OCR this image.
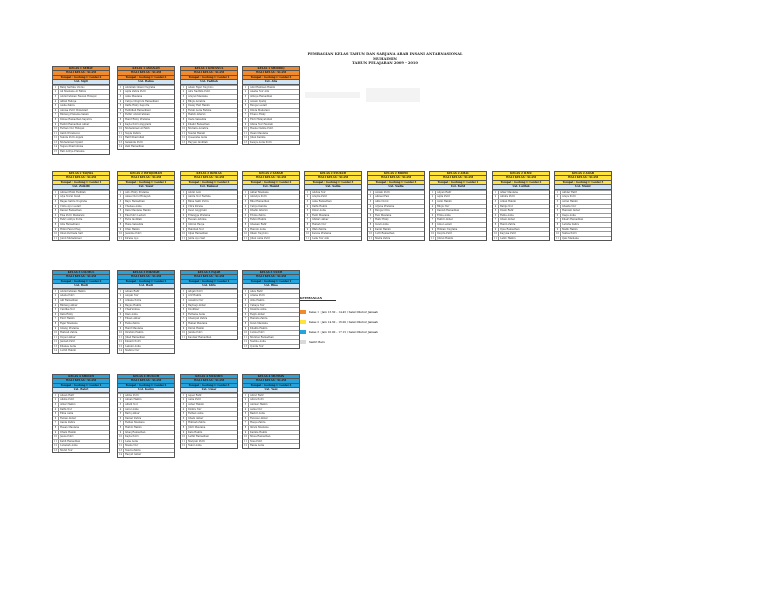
PEMBAGIAN KELAS TAHUN DAN SARJANA ARAB INSANI ANTARNASIONAL MUHAIMIN
TAHUN PELAJARAN 2009 - 2010
KELAS 1 SEHAT
WALI KELAS : SLAM
Tempat : Gedung C Lantai 2
Ust. Sigit
1	Baliq Sartika Utomo
2	Ali Maulana Al Fathis
3	Abdurrahman Fauzan Hidayat
4	Afifah Fahsya
5	Aisha Zahra
6	Annisa Putri Wulandari
7	Bintang Pratama Salam
8	Dimas Ramadhan Saputra
9	Fadhli Ramadhan Akbar
10	Farhan Nur Hidayat
11	Galih Wicaksono
12	Nabila Putri Anjani
13	Muhammad Syakir
14	Najwa Khairunnisa
15	Rafi Aditya Pratama
KELAS 1 AMANAH
WALI KELAS : SLAM
Tempat : Gedung C Lantai 2
Ust. Ratna
1	Abdullah Ghani Nugraha
2	Aqila Zahra Putri
3	Azka Maulana
4	Cahya Ningrum Ramadhani
5	Daffa Rizky Saputra
6	Fadhillah Ramadhani
7	Fathir Abdurrahman
8	Hanif Rizky Pratama
9	Kayla Putri Anggraini
10	Muhammad Al Fatih
11	Nayla Zahira
12	Rafif Khairullah
13	Salsabila Putri
14	Zaki Ramadhan
KELAS 1 KHUSNUL
WALI KELAS : SLAM
Tempat : Gedung C Lantai 1
Ust. Fadilah
1	Adam Fajar Nugroho
2	Aira Nadhifa Putri
3	Arsyad Maulana
4	Bilqis Azzahra
5	Dzaky Rafi Hakim
6	Farah Aulia Rahma
7	Hafizh Alfarizi
8	Inara Salsabila
9	Khalid Ramadhan
10	Mutiara Azzahra
11	Naufal Hanafi
12	Queensha Aulia
13	Rayyan Abdillah
KELAS 1 SHIDDIQ
WALI KELAS : SLAM
Tempat : Gedung C Lantai 3
Ust. Alia
1	Abid Rahman Hakim
2	Alesha Nur Aini
3	Athaya Ramadhan
4	Azzam Syafiq
5	Bunga Lestari
6	Dinda Maharani
7	Elvano Rizky
8	Fikri Hidayatullah
9	Ghina Nur Fauziah
10	Hasna Nabila Putri
11	Ihsan Maulana
12	Jihan Kamila
13	Keisya Aulia Putri
KELAS 2 TAQWA
WALI KELAS : SLAM
Tempat : Gedung C Lantai 1
Ust. Zulkifli
1	Ahmad Rizki Fadillah
2	Alya Nurul Izzah
3	Bagas Satria Nugraha
4	Cinta Ayu Lestari
5	Daniel Ramadhan
6	Elsa Putri Maharani
7	Fahri Aditya Putra
8	Gita Ramadhani
9	Hilmi Faizul Haq
10	Intan Permata Sari
11	Jundi Muhammad
KELAS 2 ISTIQOMAH
WALI KELAS : SLAM
Tempat : Gedung C Lantai 1
Ust. Yusuf
1	Aldo Rizky Pratama
2	Anisa Nurul Hidayah
3	Bayu Ramadhan
4	Chelsea Aulia
5	Dafa Maulana Hakim
6	Eka Putri Lestari
7	Faris Abdillah
8	Hana Salsabila
9	Irfan Hakim
10	Jasmine Putri
11	Kirana Ayu
KELAS 2 IKHLAS
WALI KELAS : SLAM
Tempat : Gedung C Lantai 2
Ust. Rahmat
1	Abdul Aziz
2	Amira Nur Fadhila
3	Bima Sakti Putra
4	Citra Kirana
5	Dewi Anggraini
6	Erlangga Pratama
7	Fauzan Azhima
8	Gibran Rasya
9	Habibah Nur
10	Iqbal Ramadhan
11	Jelita Ayu Sari
KELAS 2 SABAR
WALI KELAS : SLAM
Tempat : Gedung C Lantai 2
Ust. Hamid
1	Akbar Maulana
2	Anindya Putri
3	Bilal Ramadhan
4	Cahya Kamila
5	Dhafin Alfarizi
6	Elvina Zahra
7	Fahmi Hakim
8	Ghaisan Rafif
9	Hanum Aulia
10	Ilham Nugroho
11	Jihan Aulia Putri
KELAS 2 SYUKUR
WALI KELAS : SLAM
Tempat : Gedung C Lantai 3
Ust. Salim
1	Adzkia Nur
2	Arsyila Putri
3	Azka Ramadhan
4	Daffa Hakim
5	Dinar Aulia
6	Fadil Maulana
7	Ghifari Akbar
8	Hafsah Nur
9	Iffah Zahira
10	Kenzie Pratama
11	Laila Nur Aini
KELAS 2 RIDHO
WALI KELAS : SLAM
Tempat : Gedung C Lantai 3
Ust. Nadia
1	Azizah Putri
2	Ahmad Faiz
3	Alifa Nurul
4	Arjuna Pratama
5	Bunga Citra
6	Faiz Maulana
7	Hafiz Rizky
8	Izzati Aulia
9	Kamil Hakim
10	Lutfi Ramadhan
11	Maira Zahra
KELAS 2 AMAL
WALI KELAS : SLAM
Tempat : Gedung C Lantai 1
Ust. Farid
1	Abyan Rafif
2	Aqila Putri
3	Azmi Hakim
4	Bilqis Nur
5	Danish Ramadhan
6	Erina Aulia
7	Fakhri Akbar
8	Gina Lestari
9	Hilman Nugraha
10	Insyira Putri
11	Jibran Hakim
KELAS 2 ILMU
WALI KELAS : SLAM
Tempat : Gedung C Lantai 2
Ust. Latifah
1	Afkar Maulana
2	Almira Putri
3	Arkan Hakim
4	Balqis Nur
5	Dzaki Rafif
6	Faiha Aulia
7	Ghazi Akbar
8	Hanin Zahra
9	Ilyas Ramadhan
10	Kayyisa Putri
11	Labib Hakim
KELAS 2 ADAB
WALI KELAS : SLAM
Tempat : Gedung C Lantai 3
Ust. Munir
1	Akhtar Rafif
2	Arsya Putri
3	Azriel Hakim
4	Ghaida Nur
5	Hamzah Akbar
6	Inaya Aulia
7	Khairi Ramadhan
8	Latisha Zahra
9	Malik Hakim
10	Nafisa Putri
11	Qais Maulana
KELAS 3 ULUMUL
WALI KELAS : SLAM
Tempat : Gedung C Lantai 2
Ust. Rudi
1	Abdurrahman Hakim
2	Adelia Putri
3	Alif Ramadhan
4	Bintang Akbar
5	Cantika Nur
6	Dafa Rizky
7	Emir Hakim
8	Fajar Maulana
9	Gilang Pratama
10	Hafizah Zahra
11	Irsyad Akbar
12	Jannah Putri
13	Khansa Aulia
14	Luthfi Hakim
KELAS 3 HIKMAH
WALI KELAS : SLAM
Tempat : Gedung C Lantai 2
Ust. Hadi
1	Adnan Rafif
2	Aisyah Nur
3	Arkana Putra
4	Bagus Hakim
5	Chairunnisa
6	Dian Aulia
7	Ehsan Akbar
8	Fadia Zahra
9	Hanif Maulana
10	Ibrahim Hakim
11	Jihad Ramadhan
12	Kinanti Putri
13	Laksmi Aulia
14	Mahira Nur
KELAS 3 FAJAR
WALI KELAS : SLAM
Tempat : Gedung C Lantai 1
Ust. Idris
1	Afiqah Putri
2	Arif Hakim
3	Azzahra Nur
4	Bayhaqi Akbar
5	Dzulfikar
6	Farhana Aulia
7	Ghaziyah Zahra
8	Haikal Maulana
9	Imran Hakim
10	Jamila Putri
11	Kautsar Ramadhan
KELAS 3 NUUR
WALI KELAS : SLAM
Tempat : Gedung C Lantai 1
Ust. Rina
1	Ahza Rafif
2	Ariana Putri
3	Atha Hakim
4	Cahaya Nur
5	Dzakira Aulia
6	Faqih Akbar
7	Hamida Zahra
8	Izzan Maulana
9	Khalifa Hakim
10	Lubna Putri
11	Mumtaz Ramadhan
12	Nadine Aulia
13	Qonita Nur
KELAS 4 SHOLIH
WALI KELAS : SLAM
Tempat : Gedung C Lantai 1
Ust. Bahri
1	Ahsan Rafif
2	Alisha Putri
3	Athar Hakim
4	Daffa Nur
5	Elma Aulia
6	Faizan Akbar
7	Gaida Zahra
8	Hasan Maulana
9	Irham Hakim
10	Jauza Putri
11	Kahfi Ramadhan
12	Lubabah Aulia
13	Mufid Nur
KELAS 4 MUSLIH
WALI KELAS : SLAM
Tempat : Gedung C Lantai 2
Ust. Karim
1	Adiba Putri
2	Aiman Hakim
3	Alfath Nur
4	Aurel Aulia
5	Bariq Akbar
6	Damar Zahra
7	Fadlan Maulana
8	Hafidz Hakim
9	Ishaq Ramadhan
10	Kayla Putri
11	Lana Aulia
12	Maula Nur
13	Naura Zahra
14	Rasyid Akbar
KELAS 4 MUKMIN
WALI KELAS : SLAM
Tempat : Gedung C Lantai 3
Ust. Umar
1	Aqeel Rafif
2	Aulia Putri
3	Azhar Hakim
4	Dzikra Nur
5	Fathan Aulia
6	Ghani Akbar
7	Hikmah Zahra
8	Jibril Maulana
9	Kafa Hakim
10	Lathif Ramadhan
11	Maryam Putri
12	Nabil Aulia
KELAS 4 MUHSIN
WALI KELAS : SLAM
Tempat : Gedung C Lantai 3
Ust. Yani
1	Abrar Rafif
2	Adiva Putri
3	Ammar Hakim
4	Asma Nur
5	Bashir Aulia
6	Fawwaz Akbar
7	Hasya Zahra
8	Ikram Maulana
9	Kamila Hakim
10	Musa Ramadhan
11	Nisa Putri
12	Rania Aulia
KETERANGAN
Kelas 1 : Jam 13.30 – 14.45 / Salat Dhuhur Jamaah
Kelas 2 : Jam 14.30 – 16.00 / Salat Dhuhur Jamaah
Kelas 3 : Jam 16.00 – 17.15 / Salat Dhuhur Jamaah
Santri Baru
